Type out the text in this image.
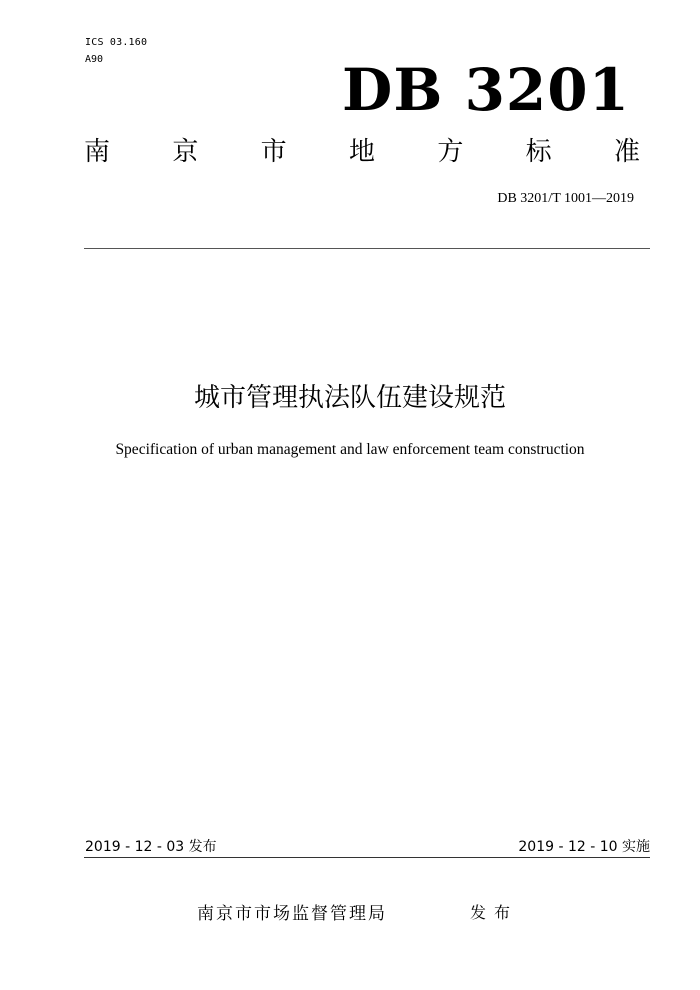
ICS 03.160
A90	DB 3201
南 京 市 地 方 标 准
DB 3201/T 1001—2019
城市管理执法队伍建设规范
Specification of urban management and law enforcement team construction
2019 - 12 - 03 发布	2019 - 12 - 10 实施
南京市市场监督管理局	发布
